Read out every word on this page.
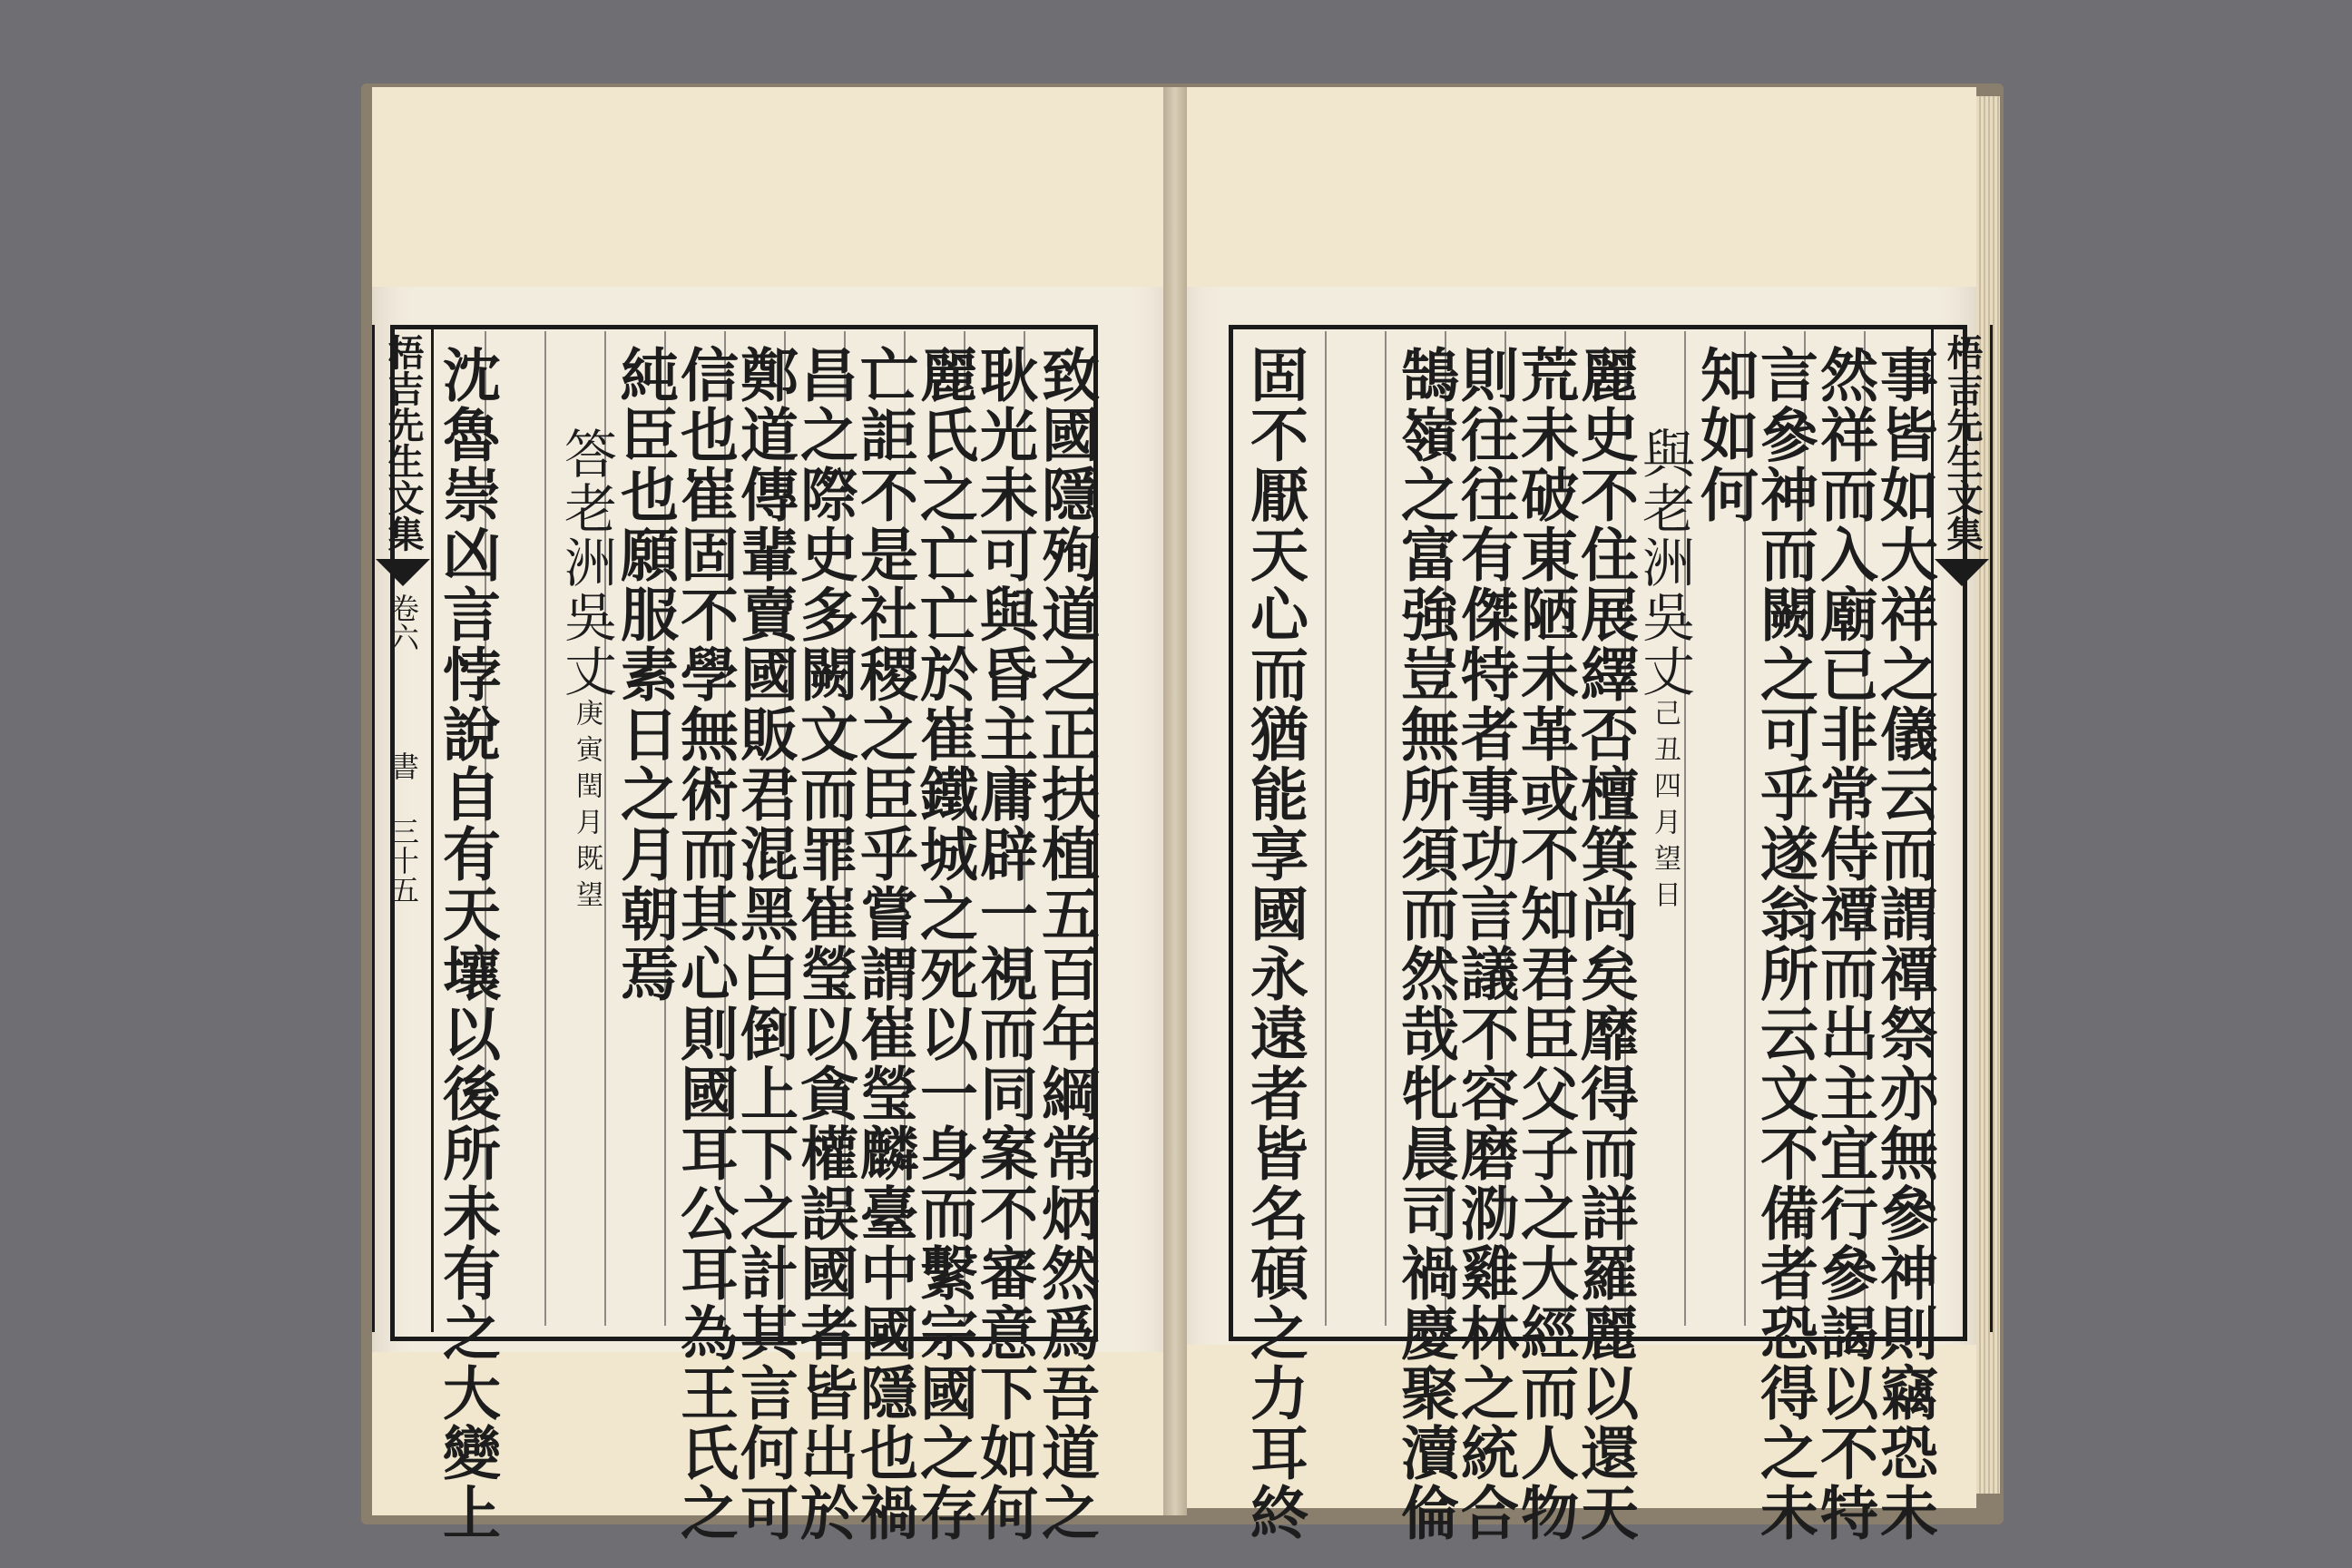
梧吉先生文集
卷六
書
三十五
梧吉先生文集
致國隱殉道之正扶植五百年綱常炳然爲吾道之
耿光未可與昏主庸辟一視而同案不審意下如何
麗氏之亡亡於崔鐵城之死以一身而繫宗國之存
亡詎不是社稷之臣乎嘗謂崔瑩麟臺中國隱也禍
昌之際史多闕文而罪崔瑩以貪權誤國者皆出於
鄭道傳輩賣國販君混黑白倒上下之計其言何可
信也崔固不學無術而其心則國耳公耳為王氏之
純臣也願服素日之月朝焉
答老洲吳丈庚寅閏月既望
沈魯崇凶言悖說自有天壤以後所未有之大變上	事皆如大祥之儀云而謂禫祭亦無參神則竊恐未
然祥而入廟已非常侍禫而出主宜行參謁以不特
言參神而闕之可乎遂翁所云文不備者恐得之未
知如何
與老洲吳丈己丑四月望日
麗史不住展繹否檀箕尚矣靡得而詳羅麗以還天
荒未破東陋未革或不知君臣父子之大經而人物
則往往有傑特者事功言議不容磨泐雞林之統合
鵠嶺之富強豈無所須而然哉牝晨司禍慶聚瀆倫
固不厭天心而猶能享國永遠者皆名碩之力耳終
